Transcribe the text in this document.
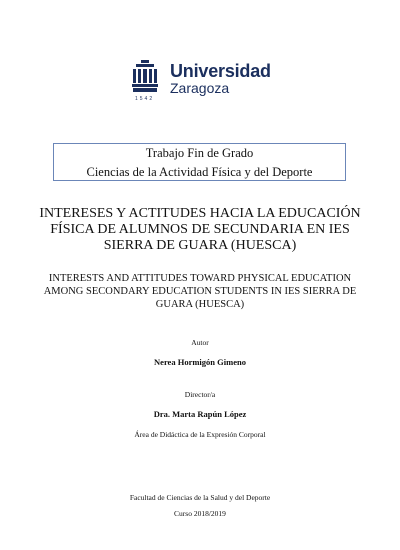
Universidad
Zaragoza
1542
Trabajo Fin de Grado
Ciencias de la Actividad Física y del Deporte
INTERESES Y ACTITUDES HACIA LA EDUCACIÓN FÍSICA DE ALUMNOS DE SECUNDARIA EN IES SIERRA DE GUARA (HUESCA)
INTERESTS AND ATTITUDES TOWARD PHYSICAL EDUCATION AMONG SECONDARY EDUCATION STUDENTS IN IES SIERRA DE GUARA (HUESCA)
Autor
Nerea Hormigón Gimeno
Director/a
Dra. Marta Rapún López
Área de Didáctica de la Expresión Corporal
Facultad de Ciencias de la Salud y del Deporte
Curso 2018/2019
